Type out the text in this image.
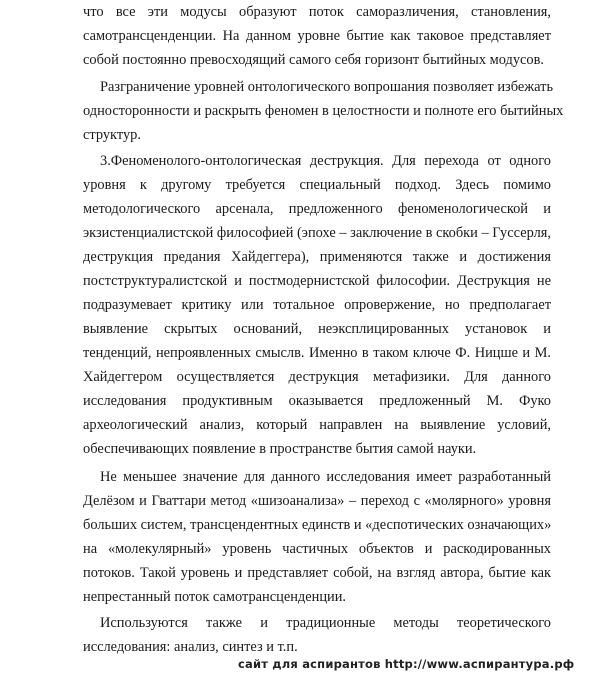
что все эти модусы образуют поток саморазличения, становления,
самотрансценденции. На данном уровне бытие как таковое представляет
собой постоянно превосходящий самого себя горизонт бытийных модусов.
Разграничение уровней онтологического вопрошания позволяет избежать
односторонности и раскрыть феномен в целостности и полноте его бытийных
структур.
3.Феноменолого-онтологическая деструкция. Для перехода от одного
уровня к другому требуется специальный подход. Здесь помимо
методологического арсенала, предложенного феноменологической и
экзистенциалистской философией (эпохе – заключение в скобки – Гуссерля,
деструкция предания Хайдеггера), применяются также и достижения
постструктуралистской и постмодернистской философии. Деструкция не
подразумевает критику или тотальное опровержение, но предполагает
выявление скрытых оснований, неэксплицированных установок и
тенденций, непроявленных смыслв. Именно в таком ключе Ф. Ницше и М.
Хайдеггером осуществляется деструкция метафизики. Для данного
исследования продуктивным оказывается предложенный М. Фуко
археологический анализ, который направлен на выявление условий,
обеспечивающих появление в пространстве бытия самой науки.
Не меньшее значение для данного исследования имеет разработанный
Делёзом и Гваттари метод «шизоанализа» – переход с «молярного» уровня
больших систем, трансцендентных единств и «деспотических означающих»
на «молекулярный» уровень частичных объектов и раскодированных
потоков. Такой уровень и представляет собой, на взгляд автора, бытие как
непрестанный поток самотрансценденции.
Используются также и традиционные методы теоретического
исследования: анализ, синтез и т.п.
сайт для аспирантов http://www.аспирантура.рф
